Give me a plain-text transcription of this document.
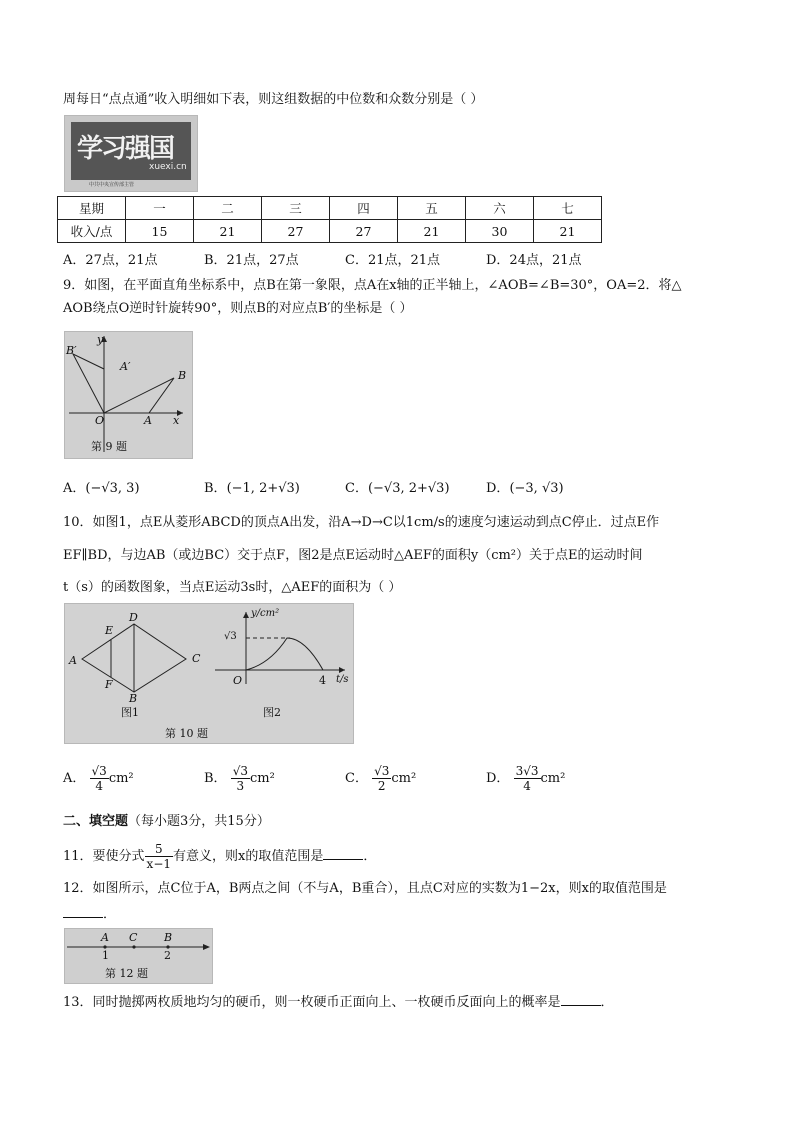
周每日“点点通”收入明细如下表，则这组数据的中位数和众数分别是（ ）
学习强国
xuexi.cn
中共中央宣传部主管
星期	一	二	三	四	五	六	七
收入/点	15	21	27	27	21	30	21
A．27点，21点	B．21点，27点	C．21点，21点	D．24点，21点
9．如图，在平面直角坐标系中，点B在第一象限，点A在x轴的正半轴上，∠AOB=∠B=30°，OA=2．将△
AOB绕点O逆时针旋转90°，则点B的对应点B′的坐标是（ ）
B′
y
A′
B
O	A x
第 9 题
A．(−√3, 3)	B．(−1, 2+√3)	C．(−√3, 2+√3)	D．(−3, √3)
10．如图1，点E从菱形ABCD的顶点A出发，沿A→D→C以1cm/s的速度匀速运动到点C停止．过点E作
EF∥BD，与边AB（或边BC）交于点F，图2是点E运动时△AEF的面积y（cm²）关于点E的运动时间
t（s）的函数图象，当点E运动3s时，△AEF的面积为（ ）
A
E
D
C
F
B
y/cm²
√3
O	4 t/s
图1	图2
第 10 题
A． $\frac{√3}{4} cm^2$	B． $\frac{√3}{3} cm^2$	C． $\frac{√3}{2} cm^2$	D． $\frac{3√3}{4} cm^2$
二、填空题（每小题3分，共15分）
11．要使分式 $\frac{5}{x-1}$ 有意义，则x的取值范围是	．
12．如图所示，点C位于A，B两点之间（不与A，B重合），且点C对应的实数为1−2x，则x的取值范围是
．
A C B
1	2
第 12 题
13．同时抛掷两枚质地均匀的硬币，则一枚硬币正面向上、一枚硬币反面向上的概率是	．
